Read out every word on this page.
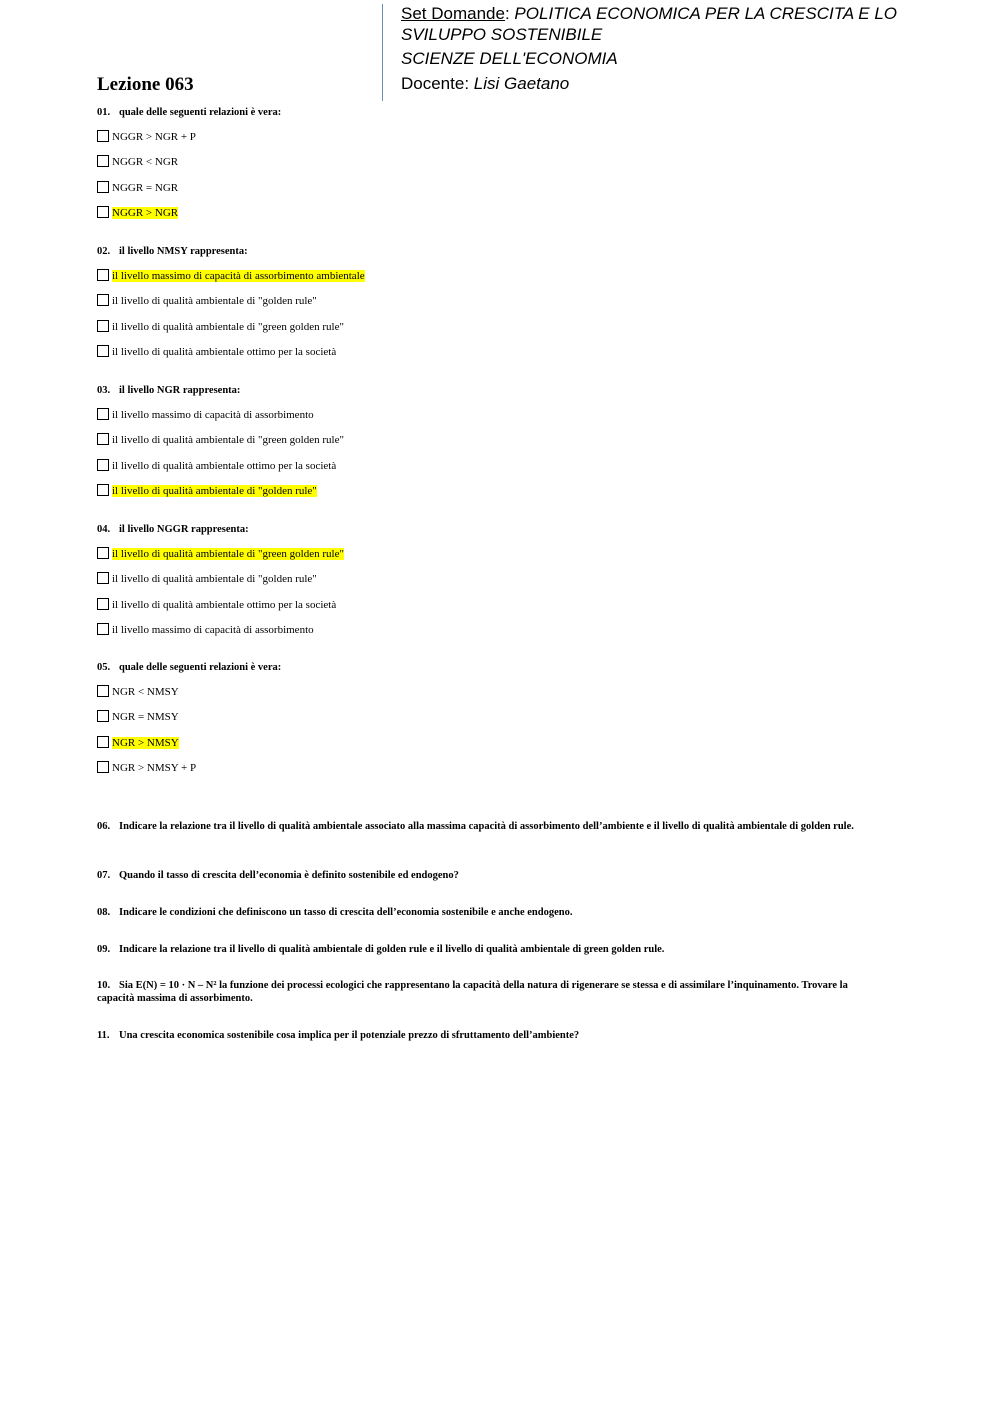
Set Domande: POLITICA ECONOMICA PER LA CRESCITA E LO
SVILUPPO SOSTENIBILE
SCIENZE DELL'ECONOMIA
Docente: Lisi Gaetano
Lezione 063
01. quale delle seguenti relazioni è vera:
NGGR > NGR + P
NGGR < NGR
NGGR = NGR
NGGR > NGR
02. il livello NMSY rappresenta:
il livello massimo di capacità di assorbimento ambientale
il livello di qualità ambientale di "golden rule"
il livello di qualità ambientale di "green golden rule"
il livello di qualità ambientale ottimo per la società
03. il livello NGR rappresenta:
il livello massimo di capacità di assorbimento
il livello di qualità ambientale di "green golden rule"
il livello di qualità ambientale ottimo per la società
il livello di qualità ambientale di "golden rule"
04. il livello NGGR rappresenta:
il livello di qualità ambientale di "green golden rule"
il livello di qualità ambientale di "golden rule"
il livello di qualità ambientale ottimo per la società
il livello massimo di capacità di assorbimento
05. quale delle seguenti relazioni è vera:
NGR < NMSY
NGR = NMSY
NGR > NMSY
NGR > NMSY + P
06. Indicare la relazione tra il livello di qualità ambientale associato alla massima capacità di assorbimento dell’ambiente e il livello di qualità ambientale di golden rule.
07. Quando il tasso di crescita dell’economia è definito sostenibile ed endogeno?
08. Indicare le condizioni che definiscono un tasso di crescita dell’economia sostenibile e anche endogeno.
09. Indicare la relazione tra il livello di qualità ambientale di golden rule e il livello di qualità ambientale di green golden rule.
10. Sia E(N) = 10 · N – N² la funzione dei processi ecologici che rappresentano la capacità della natura di rigenerare se stessa e di assimilare l’inquinamento. Trovare la capacità massima di assorbimento.
11. Una crescita economica sostenibile cosa implica per il potenziale prezzo di sfruttamento dell’ambiente?
